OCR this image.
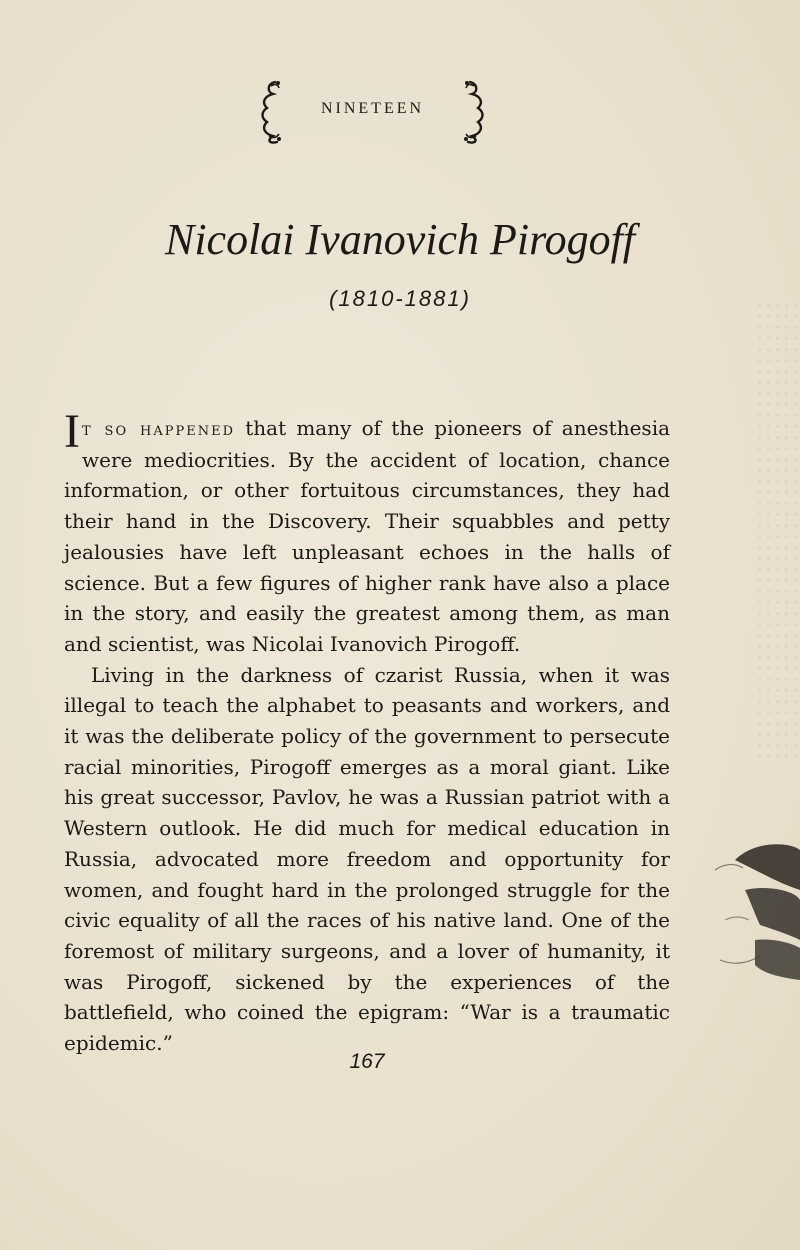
NINETEEN
Nicolai Ivanovich Pirogoff
(1810-1881)

It so happened that many of the pioneers of anesthesia were mediocrities. By the accident of location, chance information, or other fortuitous circumstances, they had their hand in the Discovery. Their squabbles and petty jealousies have left unpleasant echoes in the halls of science. But a few figures of higher rank have also a place in the story, and easily the greatest among them, as man and scientist, was Nicolai Ivanovich Pirogoff.

Living in the darkness of czarist Russia, when it was illegal to teach the alphabet to peasants and workers, and it was the deliberate policy of the government to persecute racial minorities, Pirogoff emerges as a moral giant. Like his great successor, Pavlov, he was a Russian patriot with a Western outlook. He did much for medical education in Russia, advocated more freedom and opportunity for women, and fought hard in the prolonged struggle for the civic equality of all the races of his native land. One of the foremost of military surgeons, and a lover of humanity, it was Pirogoff, sickened by the experiences of the battlefield, who coined the epigram: “War is a traumatic epidemic.”

167
